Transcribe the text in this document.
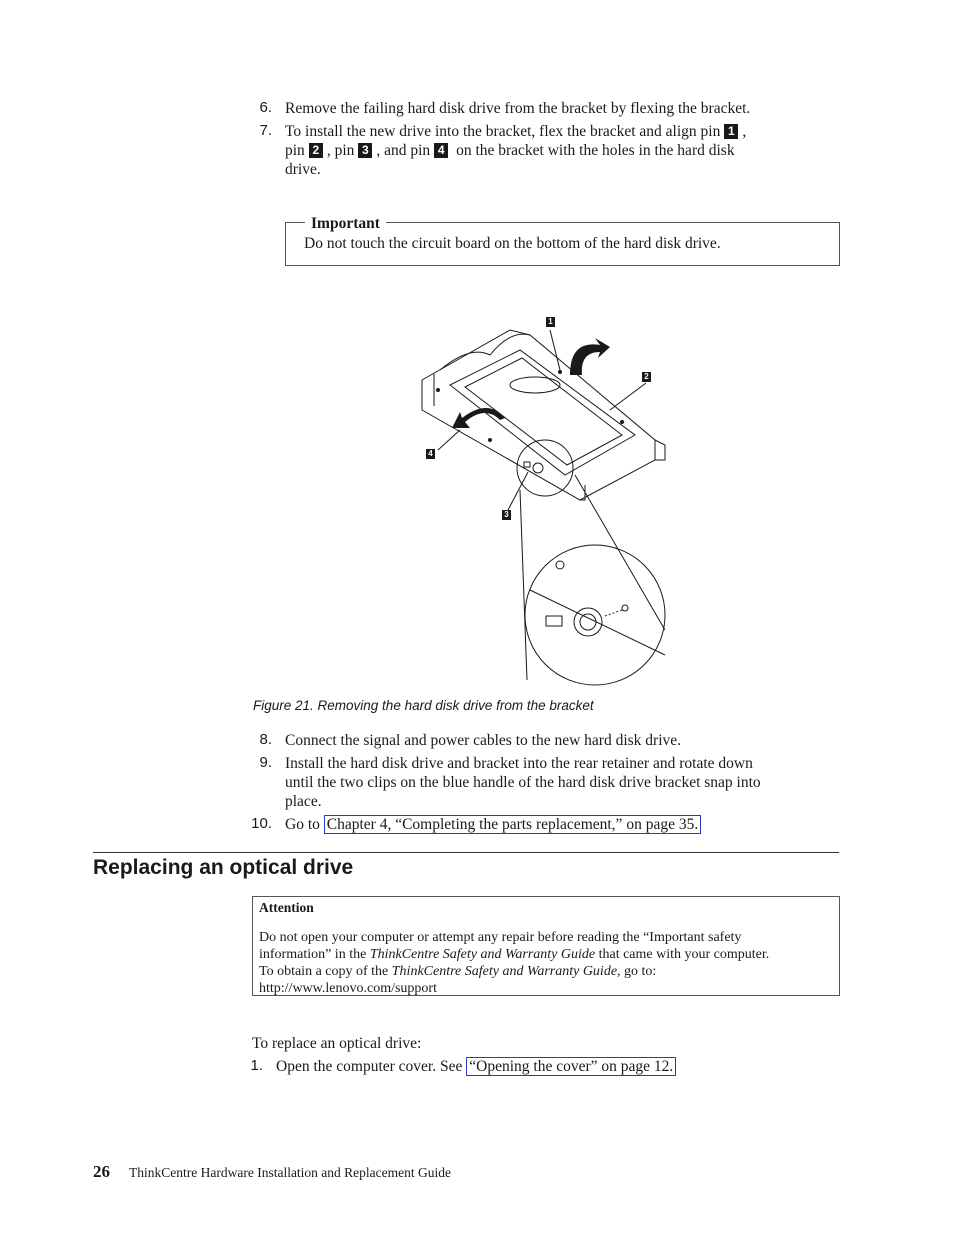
6. Remove the failing hard disk drive from the bracket by flexing the bracket.
7. To install the new drive into the bracket, flex the bracket and align pin 1 ,
pin 2 , pin 3 , and pin 4 on the bracket with the holes in the hard disk
drive.
Important
Do not touch the circuit board on the bottom of the hard disk drive.
1
2
3
4
Figure 21. Removing the hard disk drive from the bracket
8. Connect the signal and power cables to the new hard disk drive.
9. Install the hard disk drive and bracket into the rear retainer and rotate down
until the two clips on the blue handle of the hard disk drive bracket snap into
place.
10. Go to Chapter 4, “Completing the parts replacement,” on page 35.
Replacing an optical drive
Attention
Do not open your computer or attempt any repair before reading the “Important safety
information” in the ThinkCentre Safety and Warranty Guide that came with your computer.
To obtain a copy of the ThinkCentre Safety and Warranty Guide, go to:
http://www.lenovo.com/support
To replace an optical drive:
1. Open the computer cover. See “Opening the cover” on page 12.
26 ThinkCentre Hardware Installation and Replacement Guide
